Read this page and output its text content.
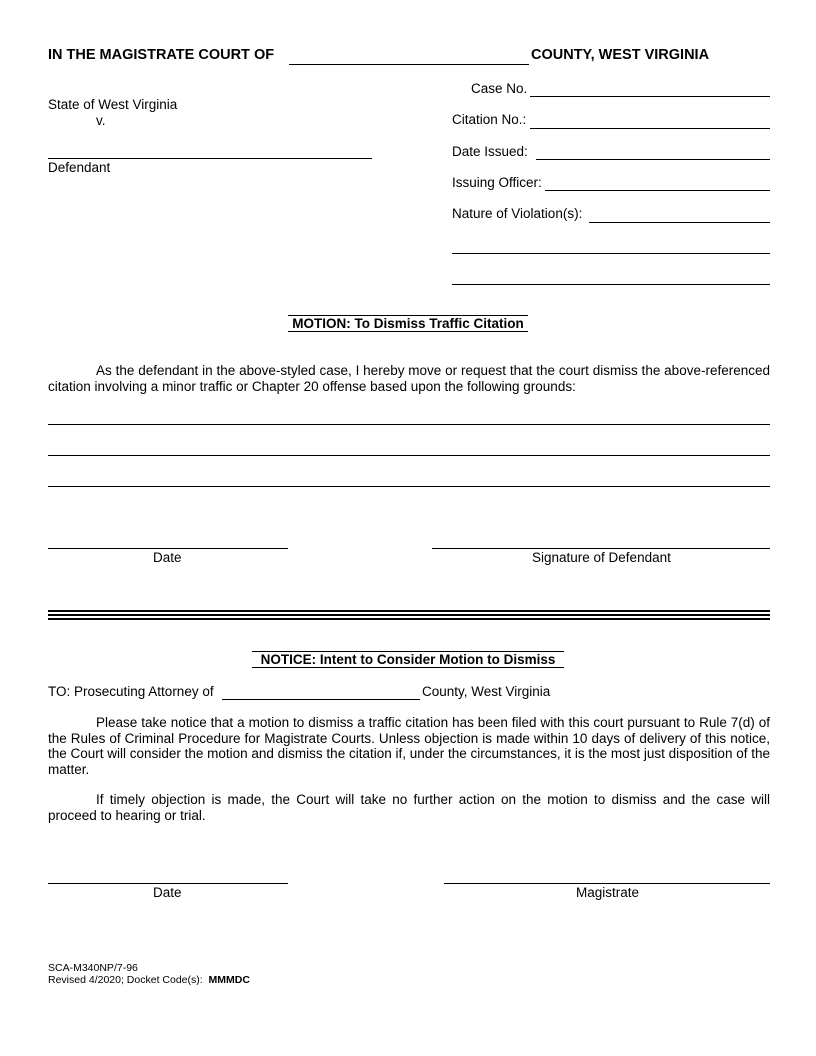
IN THE MAGISTRATE COURT OF	COUNTY, WEST VIRGINIA
State of West Virginia
v.
Defendant
Case No.
Citation No.:
Date Issued:
Issuing Officer:
Nature of Violation(s):
MOTION: To Dismiss Traffic Citation
As the defendant in the above-styled case, I hereby move or request that the court dismiss the above-referenced citation involving a minor traffic or Chapter 20 offense based upon the following grounds:
Date	Signature of Defendant
NOTICE: Intent to Consider Motion to Dismiss
TO: Prosecuting Attorney of	County, West Virginia
Please take notice that a motion to dismiss a traffic citation has been filed with this court pursuant to Rule 7(d) of the Rules of Criminal Procedure for Magistrate Courts. Unless objection is made within 10 days of delivery of this notice, the Court will consider the motion and dismiss the citation if, under the circumstances, it is the most just disposition of the matter.
If timely objection is made, the Court will take no further action on the motion to dismiss and the case will proceed to hearing or trial.
Date	Magistrate
SCA-M340NP/7-96
Revised 4/2020; Docket Code(s): MMMDC
